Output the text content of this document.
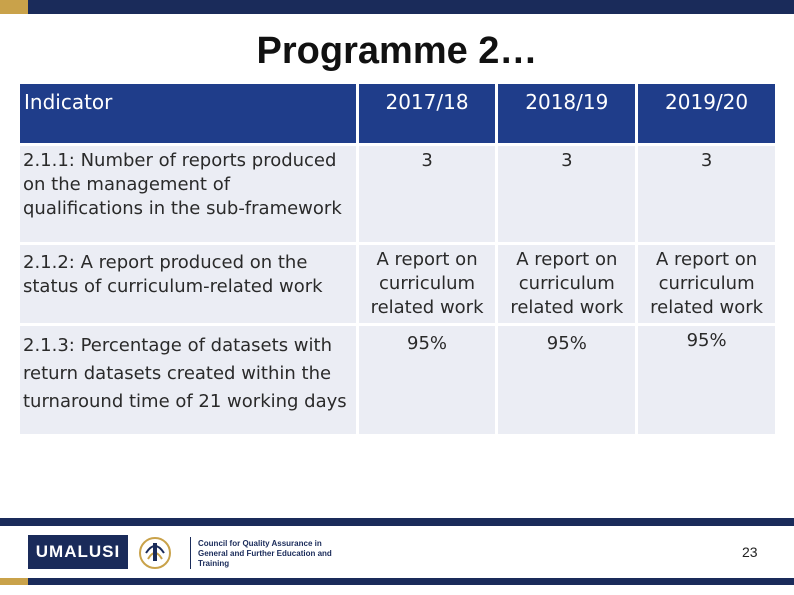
Programme 2…
Indicator	2017/18	2018/19	2019/20
2.1.1: Number of reports produced on the management of qualifications in the sub-framework	3	3	3
2.1.2: A report produced on the status of curriculum-related work	A report on curriculum related work	A report on curriculum related work	A report on curriculum related work
2.1.3: Percentage of datasets with return datasets created within the turnaround time of 21 working days	95%	95%	95%
UMALUSI	Council for Quality Assurance in
General and Further Education and Training
23
